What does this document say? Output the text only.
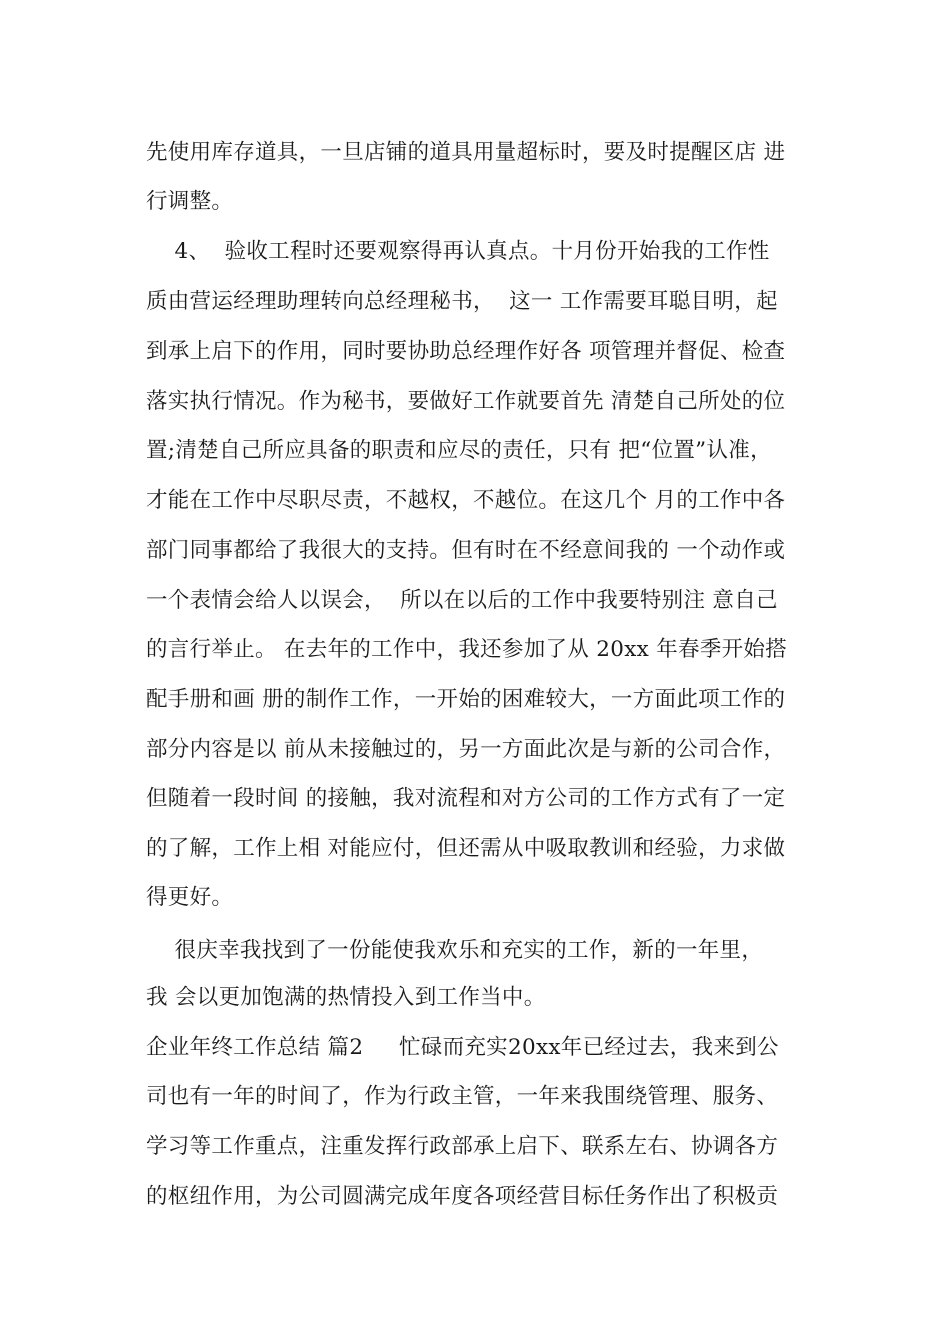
先使用库存道具，一旦店铺的道具用量超标时，要及时提醒区店 进
行调整。
4、  验收工程时还要观察得再认真点。十月份开始我的工作性
质由营运经理助理转向总经理秘书，  这一 工作需要耳聪目明，起
到承上启下的作用，同时要协助总经理作好各 项管理并督促、检查
落实执行情况。作为秘书，要做好工作就要首先 清楚自己所处的位
置;清楚自己所应具备的职责和应尽的责任，只有 把“位置”认准，
才能在工作中尽职尽责，不越权，不越位。在这几个 月的工作中各
部门同事都给了我很大的支持。但有时在不经意间我的 一个动作或
一个表情会给人以误会，  所以在以后的工作中我要特别注 意自己
的言行举止。 在去年的工作中，我还参加了从 20xx 年春季开始搭
配手册和画 册的制作工作，一开始的困难较大，一方面此项工作的
部分内容是以 前从未接触过的，另一方面此次是与新的公司合作，
但随着一段时间 的接触，我对流程和对方公司的工作方式有了一定
的了解，工作上相 对能应付，但还需从中吸取教训和经验，力求做
得更好。
很庆幸我找到了一份能使我欢乐和充实的工作，新的一年里，
我 会以更加饱满的热情投入到工作当中。
企业年终工作总结 篇2     忙碌而充实20xx年已经过去，我来到公
司也有一年的时间了，作为行政主管，一年来我围绕管理、服务、
学习等工作重点，注重发挥行政部承上启下、联系左右、协调各方
的枢纽作用，为公司圆满完成年度各项经营目标任务作出了积极贡
